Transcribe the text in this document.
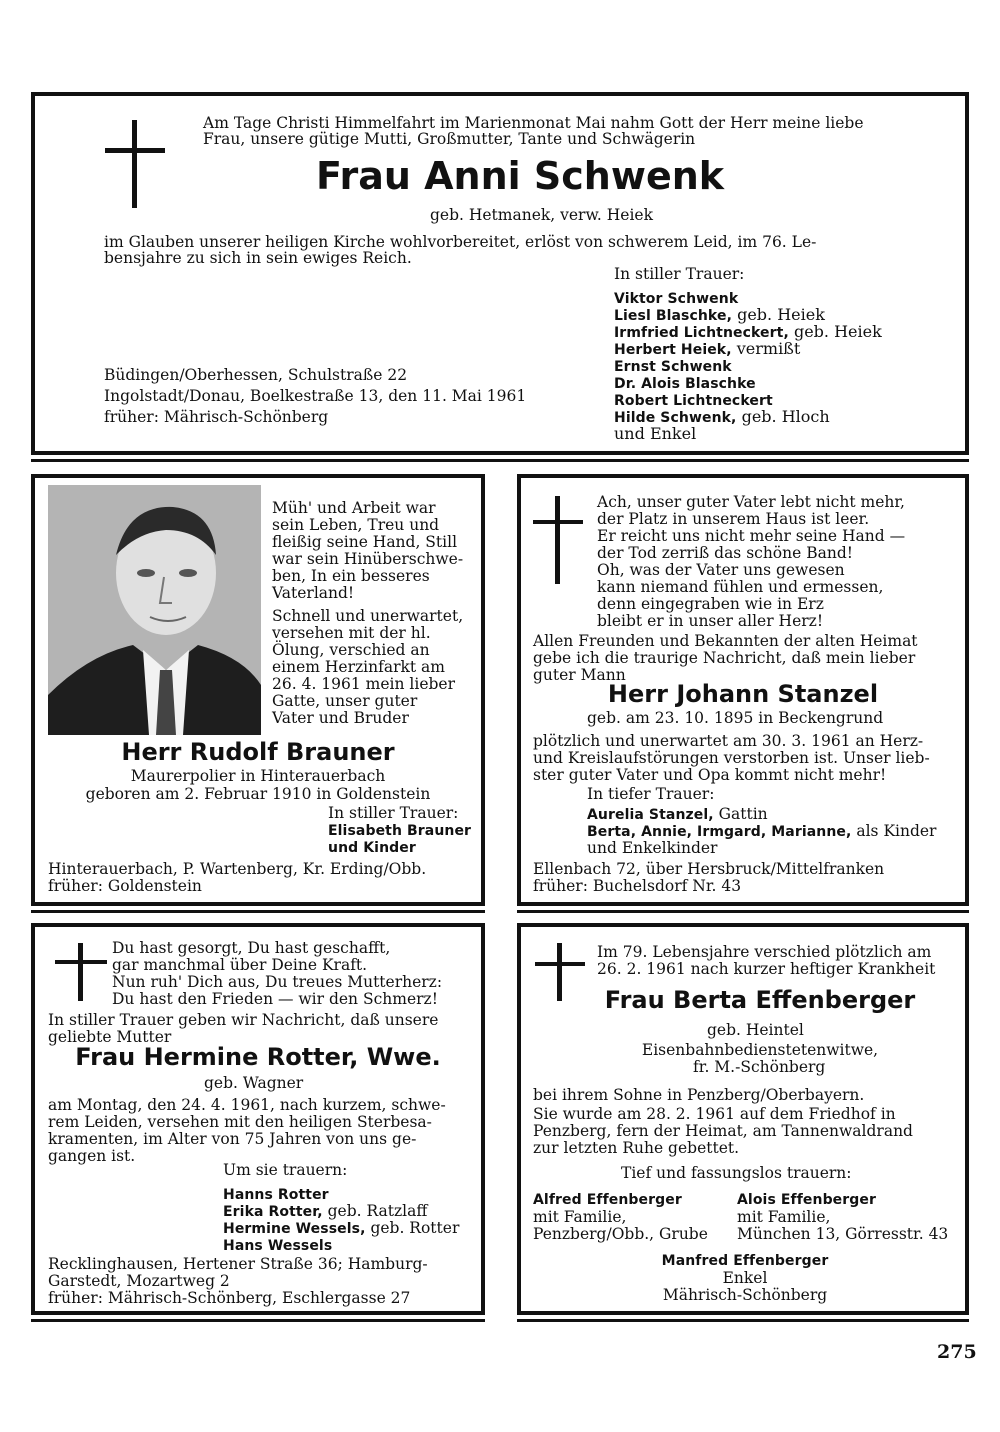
Am Tage Christi Himmelfahrt im Marienmonat Mai nahm Gott der Herr meine liebe
Frau, unsere gütige Mutti, Großmutter, Tante und Schwägerin
Frau Anni Schwenk
geb. Hetmanek, verw. Heiek
im Glauben unserer heiligen Kirche wohlvorbereitet, erlöst von schwerem Leid, im 76. Le-
bensjahre zu sich in sein ewiges Reich.
In stiller Trauer:
Viktor Schwenk
Liesl Blaschke, geb. Heiek
Irmfried Lichtneckert, geb. Heiek
Herbert Heiek, vermißt
Ernst Schwenk
Dr. Alois Blaschke
Robert Lichtneckert
Hilde Schwenk, geb. Hloch
und Enkel
Büdingen/Oberhessen, Schulstraße 22
Ingolstadt/Donau, Boelkestraße 13, den 11. Mai 1961
früher: Mährisch-Schönberg
Müh' und Arbeit war
sein Leben, Treu und
fleißig seine Hand, Still
war sein Hinüberschwe-
ben, In ein besseres
Vaterland!
Schnell und unerwartet,
versehen mit der hl.
Ölung, verschied an
einem Herzinfarkt am
26. 4. 1961 mein lieber
Gatte, unser guter
Vater und Bruder
Herr Rudolf Brauner
Maurerpolier in Hinterauerbach
geboren am 2. Februar 1910 in Goldenstein
In stiller Trauer:
Elisabeth Brauner
und Kinder
Hinterauerbach, P. Wartenberg, Kr. Erding/Obb.
früher: Goldenstein
Ach, unser guter Vater lebt nicht mehr,
der Platz in unserem Haus ist leer.
Er reicht uns nicht mehr seine Hand —
der Tod zerriß das schöne Band!
Oh, was der Vater uns gewesen
kann niemand fühlen und ermessen,
denn eingegraben wie in Erz
bleibt er in unser aller Herz!
Allen Freunden und Bekannten der alten Heimat
gebe ich die traurige Nachricht, daß mein lieber
guter Mann
Herr Johann Stanzel
geb. am 23. 10. 1895 in Beckengrund
plötzlich und unerwartet am 30. 3. 1961 an Herz-
und Kreislaufstörungen verstorben ist. Unser lieb-
ster guter Vater und Opa kommt nicht mehr!
In tiefer Trauer:
Aurelia Stanzel, Gattin
Berta, Annie, Irmgard, Marianne, als Kinder
und Enkelkinder
Ellenbach 72, über Hersbruck/Mittelfranken
früher: Buchelsdorf Nr. 43
Du hast gesorgt, Du hast geschafft,
gar manchmal über Deine Kraft.
Nun ruh' Dich aus, Du treues Mutterherz:
Du hast den Frieden — wir den Schmerz!
In stiller Trauer geben wir Nachricht, daß unsere
geliebte Mutter
Frau Hermine Rotter, Wwe.
geb. Wagner
am Montag, den 24. 4. 1961, nach kurzem, schwe-
rem Leiden, versehen mit den heiligen Sterbesa-
kramenten, im Alter von 75 Jahren von uns ge-
gangen ist.
Um sie trauern:
Hanns Rotter
Erika Rotter, geb. Ratzlaff
Hermine Wessels, geb. Rotter
Hans Wessels
Recklinghausen, Hertener Straße 36; Hamburg-
Garstedt, Mozartweg 2
früher: Mährisch-Schönberg, Eschlergasse 27
Im 79. Lebensjahre verschied plötzlich am
26. 2. 1961 nach kurzer heftiger Krankheit
Frau Berta Effenberger
geb. Heintel
Eisenbahnbedienstetenwitwe,
fr. M.-Schönberg
bei ihrem Sohne in Penzberg/Oberbayern.
Sie wurde am 28. 2. 1961 auf dem Friedhof in
Penzberg, fern der Heimat, am Tannenwaldrand
zur letzten Ruhe gebettet.
Tief und fassungslos trauern:
Alfred Effenberger
mit Familie,
Penzberg/Obb., Grube
Alois Effenberger
mit Familie,
München 13, Görresstr. 43
Manfred Effenberger
Enkel
Mährisch-Schönberg
275
